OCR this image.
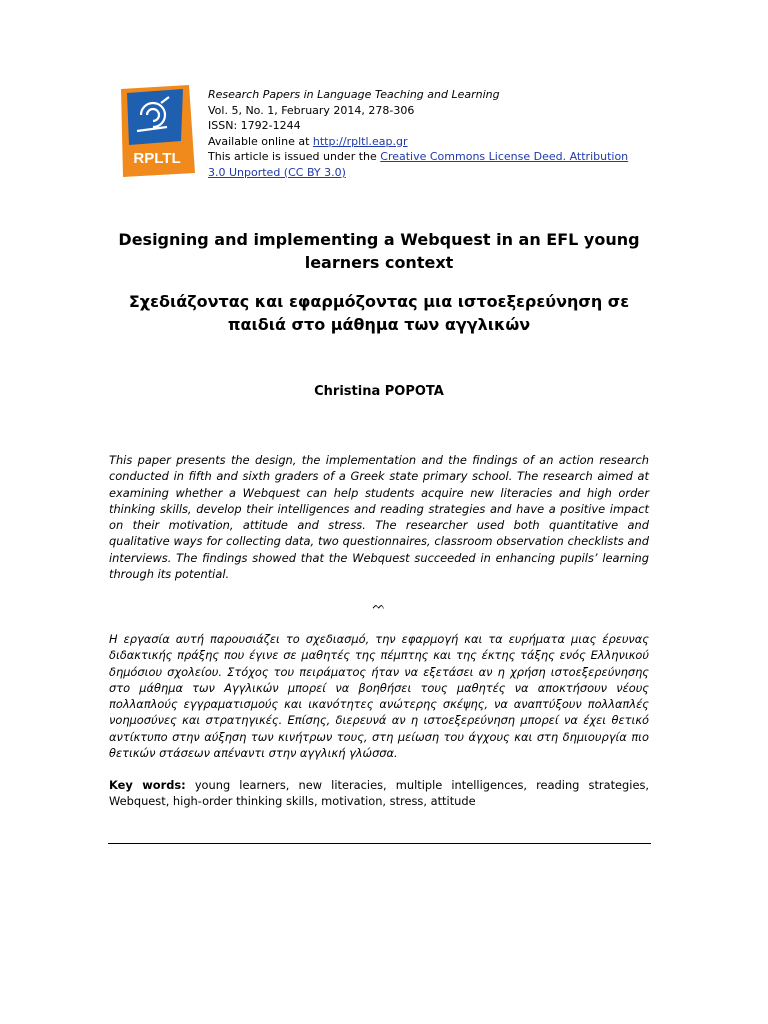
RPLTL

Research Papers in Language Teaching and Learning

Vol. 5, No. 1, February 2014, 278-306

ISSN: 1792-1244

Available online at http://rpltl.eap.gr

This article is issued under the Creative Commons License Deed. Attribution 3.0 Unported (CC BY 3.0)

Designing and implementing a Webquest in an EFL young learners context
Σχεδιάζοντας και εφαρμόζοντας μια ιστοεξερεύνηση σε παιδιά στο μάθημα των αγγλικών
Christina POPOTA

This paper presents the design, the implementation and the findings of an action research conducted in fifth and sixth graders of a Greek state primary school. The research aimed at examining whether a Webquest can help students acquire new literacies and high order thinking skills, develop their intelligences and reading strategies and have a positive impact on their motivation, attitude and stress. The researcher used both quantitative and qualitative ways for collecting data, two questionnaires, classroom observation checklists and interviews. The findings showed that the Webquest succeeded in enhancing pupils’ learning through its potential.

ᨓ

Η εργασία αυτή παρουσιάζει το σχεδιασμό, την εφαρμογή και τα ευρήματα μιας έρευνας διδακτικής πράξης που έγινε σε μαθητές της πέμπτης και της έκτης τάξης ενός Ελληνικού δημόσιου σχολείου. Στόχος του πειράματος ήταν να εξετάσει αν η χρήση ιστοεξερεύνησης στο μάθημα των Αγγλικών μπορεί να βοηθήσει τους μαθητές να αποκτήσουν νέους πολλαπλούς εγγραματισμούς και ικανότητες ανώτερης σκέψης, να αναπτύξουν πολλαπλές νοημοσύνες και στρατηγικές. Επίσης, διερευνά αν η ιστοεξερεύνηση μπορεί να έχει θετικό αντίκτυπο στην αύξηση των κινήτρων τους, στη μείωση του άγχους και στη δημιουργία πιο θετικών στάσεων απέναντι στην αγγλική γλώσσα.

Key words: young learners, new literacies, multiple intelligences, reading strategies, Webquest, high-order thinking skills, motivation, stress, attitude
